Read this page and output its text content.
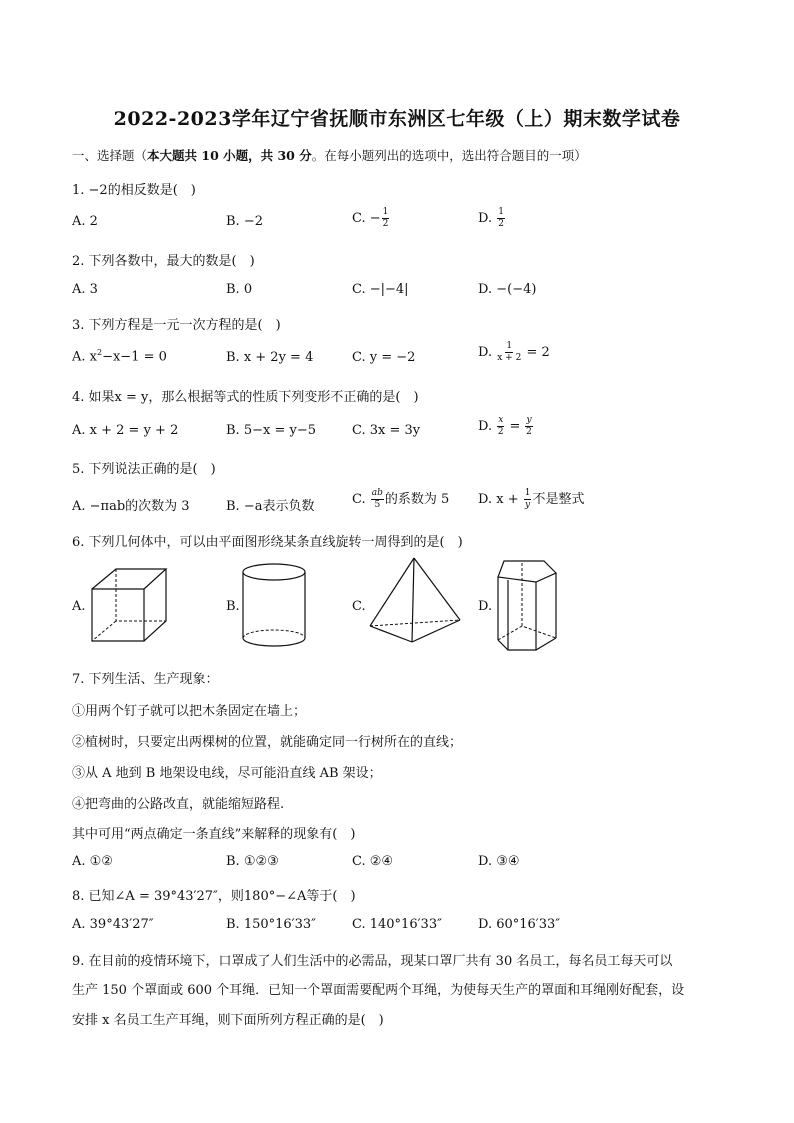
2022-2023学年辽宁省抚顺市东洲区七年级（上）期末数学试卷
一、选择题（本大题共 10 小题，共 30 分。在每小题列出的选项中，选出符合题目的一项）
1. −2的相反数是(　)
A. 2	B. −2	C. − $\frac{1}{2}$	D. $\frac{1}{2}$
2. 下列各数中，最大的数是(　)
A. 3	B. 0	C. −|−4|	D. −(−4)
3. 下列方程是一元一次方程的是(　)
A. $x^2-x-1 = 0$	B. x + 2y = 4	C. y = −2	D. $\frac{1}{x + 2} = 2$
4. 如果x = y，那么根据等式的性质下列变形不正确的是(　)
A. x + 2 = y + 2	B. 5−x = y−5	C. 3x = 3y	D. $\frac{x}{2} = \frac{y}{2}$
5. 下列说法正确的是(　)
A. −πab的次数为 3	B. −a表示负数	C. $\frac{ab}{5}$ 的系数为 5 D. $x + \frac{1}{y}$ 不是整式
6. 下列几何体中，可以由平面图形绕某条直线旋转一周得到的是(　)
A.	B.	C.	D.
7. 下列生活、生产现象：
①用两个钉子就可以把木条固定在墙上；
②植树时，只要定出两棵树的位置，就能确定同一行树所在的直线；
③从 A 地到 B 地架设电线，尽可能沿直线 AB 架设；
④把弯曲的公路改直，就能缩短路程.
其中可用“两点确定一条直线”来解释的现象有(　)
A. ①②	B. ①②③	C. ②④	D. ③④
8. 已知∠A = 39°43′27″，则180°−∠A等于(　)
A. 39°43′27″	B. 150°16′33″	C. 140°16′33″	D. 60°16′33″
9. 在目前的疫情环境下，口罩成了人们生活中的必需品，现某口罩厂共有 30 名员工，每名员工每天可以
生产 150 个罩面或 600 个耳绳．已知一个罩面需要配两个耳绳，为使每天生产的罩面和耳绳刚好配套，设
安排 x 名员工生产耳绳，则下面所列方程正确的是(　)
